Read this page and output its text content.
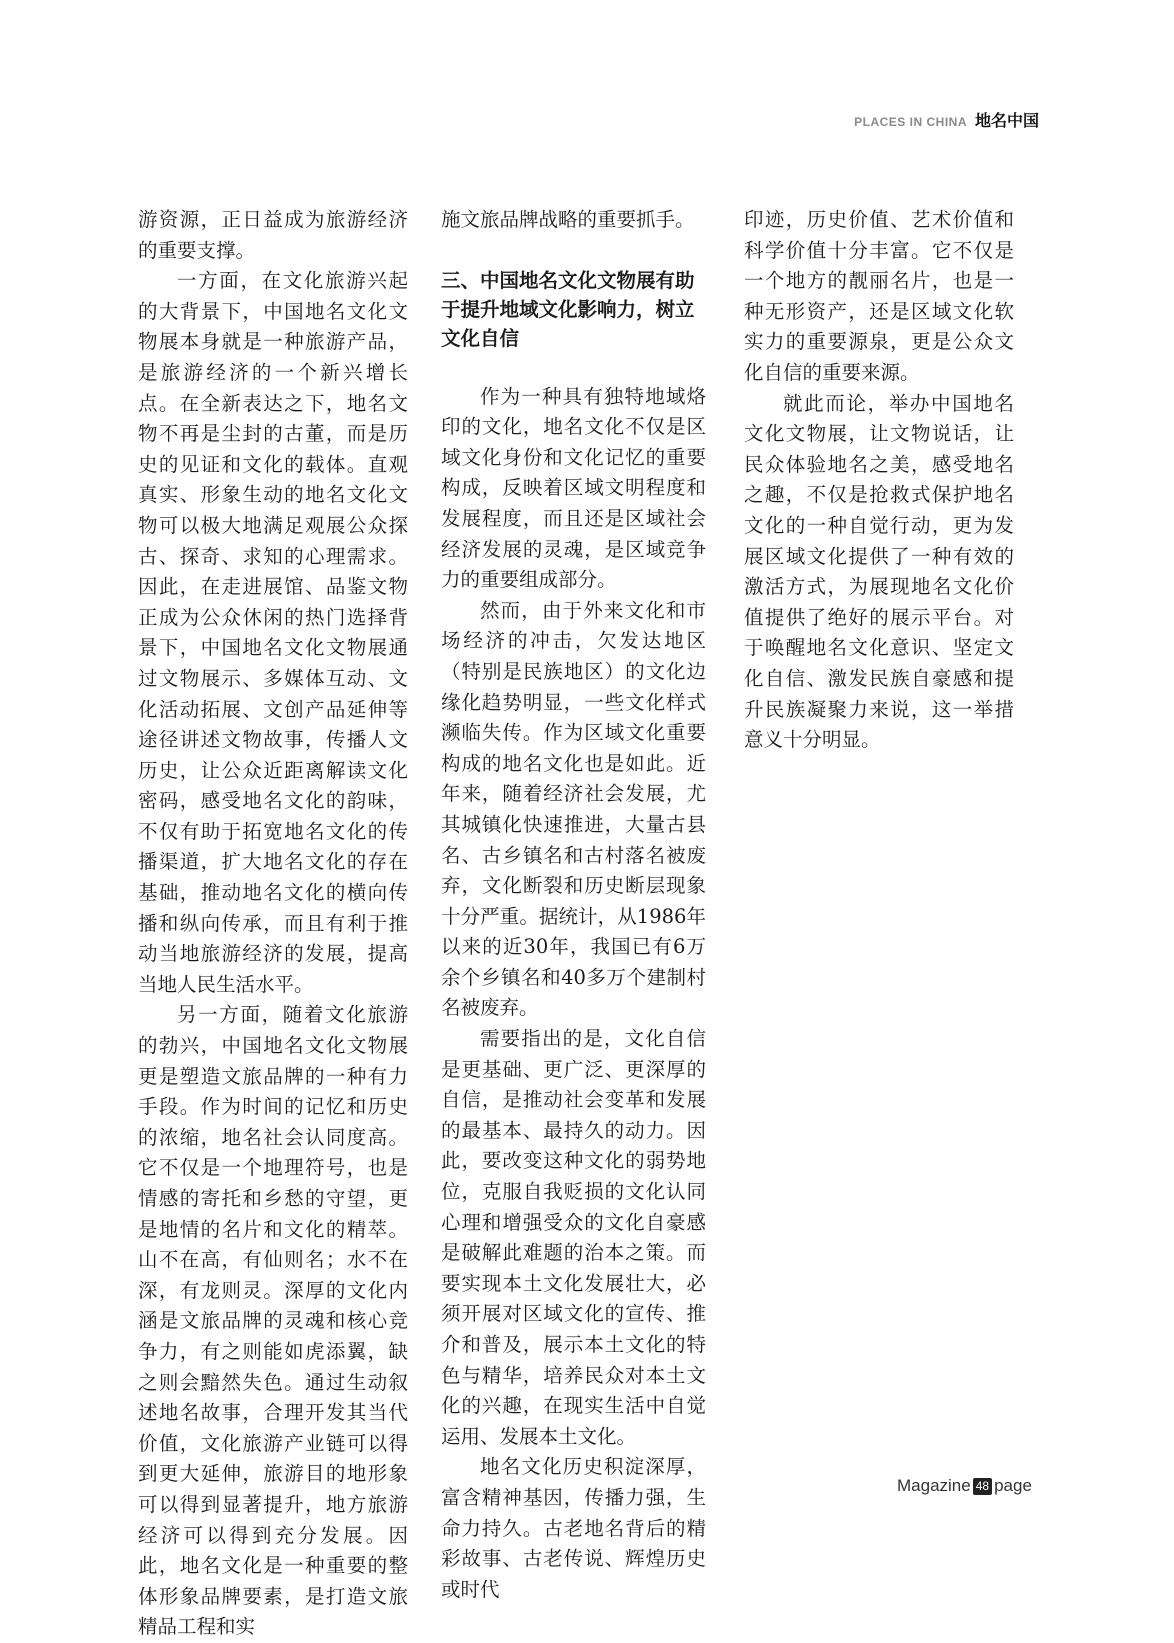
PLACES IN CHINA 地名中国

游资源，正日益成为旅游经济的重要支撑。

一方面，在文化旅游兴起的大背景下，中国地名文化文物展本身就是一种旅游产品，是旅游经济的一个新兴增长点。在全新表达之下，地名文物不再是尘封的古董，而是历史的见证和文化的载体。直观真实、形象生动的地名文化文物可以极大地满足观展公众探古、探奇、求知的心理需求。因此，在走进展馆、品鉴文物正成为公众休闲的热门选择背景下，中国地名文化文物展通过文物展示、多媒体互动、文化活动拓展、文创产品延伸等途径讲述文物故事，传播人文历史，让公众近距离解读文化密码，感受地名文化的韵味，不仅有助于拓宽地名文化的传播渠道，扩大地名文化的存在基础，推动地名文化的横向传播和纵向传承，而且有利于推动当地旅游经济的发展，提高当地人民生活水平。

另一方面，随着文化旅游的勃兴，中国地名文化文物展更是塑造文旅品牌的一种有力手段。作为时间的记忆和历史的浓缩，地名社会认同度高。它不仅是一个地理符号，也是情感的寄托和乡愁的守望，更是地情的名片和文化的精萃。山不在高，有仙则名；水不在深，有龙则灵。深厚的文化内涵是文旅品牌的灵魂和核心竞争力，有之则能如虎添翼，缺之则会黯然失色。通过生动叙述地名故事，合理开发其当代价值，文化旅游产业链可以得到更大延伸，旅游目的地形象可以得到显著提升，地方旅游经济可以得到充分发展。因此，地名文化是一种重要的整体形象品牌要素，是打造文旅精品工程和实

施文旅品牌战略的重要抓手。

三、中国地名文化文物展有助于提升地域文化影响力，树立文化自信

作为一种具有独特地域烙印的文化，地名文化不仅是区域文化身份和文化记忆的重要构成，反映着区域文明程度和发展程度，而且还是区域社会经济发展的灵魂，是区域竞争力的重要组成部分。

然而，由于外来文化和市场经济的冲击，欠发达地区（特别是民族地区）的文化边缘化趋势明显，一些文化样式濒临失传。作为区域文化重要构成的地名文化也是如此。近年来，随着经济社会发展，尤其城镇化快速推进，大量古县名、古乡镇名和古村落名被废弃，文化断裂和历史断层现象十分严重。据统计，从1986年以来的近30年，我国已有6万余个乡镇名和40多万个建制村名被废弃。

需要指出的是，文化自信是更基础、更广泛、更深厚的自信，是推动社会变革和发展的最基本、最持久的动力。因此，要改变这种文化的弱势地位，克服自我贬损的文化认同心理和增强受众的文化自豪感是破解此难题的治本之策。而要实现本土文化发展壮大，必须开展对区域文化的宣传、推介和普及，展示本土文化的特色与精华，培养民众对本土文化的兴趣，在现实生活中自觉运用、发展本土文化。

地名文化历史积淀深厚，富含精神基因，传播力强，生命力持久。古老地名背后的精彩故事、古老传说、辉煌历史或时代

印迹，历史价值、艺术价值和科学价值十分丰富。它不仅是一个地方的靓丽名片，也是一种无形资产，还是区域文化软实力的重要源泉，更是公众文化自信的重要来源。

就此而论，举办中国地名文化文物展，让文物说话，让民众体验地名之美，感受地名之趣，不仅是抢救式保护地名文化的一种自觉行动，更为发展区域文化提供了一种有效的激活方式，为展现地名文化价值提供了绝好的展示平台。对于唤醒地名文化意识、坚定文化自信、激发民族自豪感和提升民族凝聚力来说，这一举措意义十分明显。

Magazine 48 page
